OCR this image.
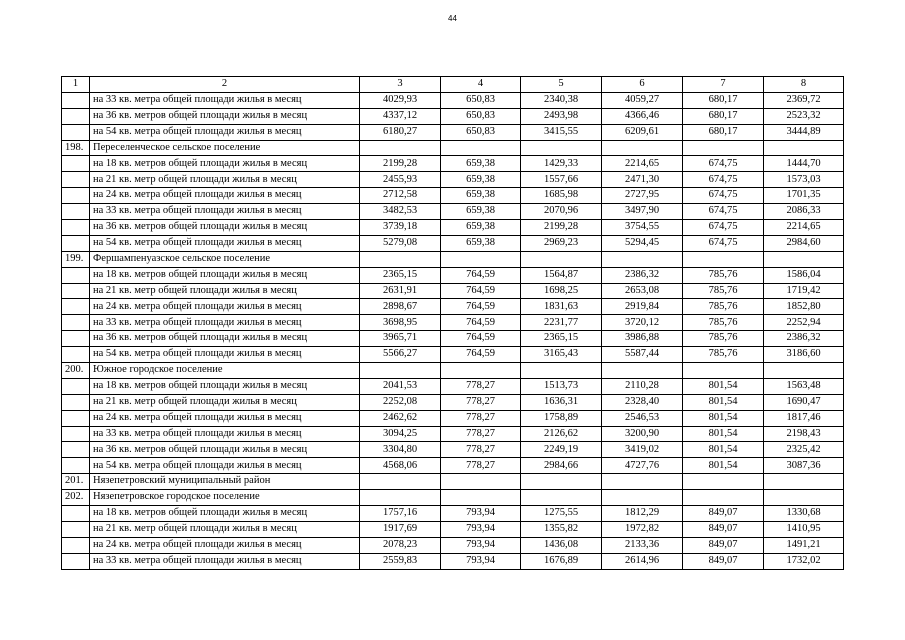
44
1	2	3	4	5	6	7	8
	на 33 кв. метра общей площади жилья в месяц	4029,93	650,83	2340,38	4059,27	680,17	2369,72
	на 36 кв. метров общей площади жилья в месяц	4337,12	650,83	2493,98	4366,46	680,17	2523,32
	на 54 кв. метра общей площади жилья в месяц	6180,27	650,83	3415,55	6209,61	680,17	3444,89
198.	Переселенческое сельское поселение						
	на 18 кв. метров общей площади жилья в месяц	2199,28	659,38	1429,33	2214,65	674,75	1444,70
	на 21 кв. метр общей площади жилья в месяц	2455,93	659,38	1557,66	2471,30	674,75	1573,03
	на 24 кв. метра общей площади жилья в месяц	2712,58	659,38	1685,98	2727,95	674,75	1701,35
	на 33 кв. метра общей площади жилья в месяц	3482,53	659,38	2070,96	3497,90	674,75	2086,33
	на 36 кв. метров общей площади жилья в месяц	3739,18	659,38	2199,28	3754,55	674,75	2214,65
	на 54 кв. метра общей площади жилья в месяц	5279,08	659,38	2969,23	5294,45	674,75	2984,60
199.	Фершампенуазское сельское поселение						
	на 18 кв. метров общей площади жилья в месяц	2365,15	764,59	1564,87	2386,32	785,76	1586,04
	на 21 кв. метр общей площади жилья в месяц	2631,91	764,59	1698,25	2653,08	785,76	1719,42
	на 24 кв. метра общей площади жилья в месяц	2898,67	764,59	1831,63	2919,84	785,76	1852,80
	на 33 кв. метра общей площади жилья в месяц	3698,95	764,59	2231,77	3720,12	785,76	2252,94
	на 36 кв. метров общей площади жилья в месяц	3965,71	764,59	2365,15	3986,88	785,76	2386,32
	на 54 кв. метра общей площади жилья в месяц	5566,27	764,59	3165,43	5587,44	785,76	3186,60
200.	Южное городское поселение						
	на 18 кв. метров общей площади жилья в месяц	2041,53	778,27	1513,73	2110,28	801,54	1563,48
	на 21 кв. метр общей площади жилья в месяц	2252,08	778,27	1636,31	2328,40	801,54	1690,47
	на 24 кв. метра общей площади жилья в месяц	2462,62	778,27	1758,89	2546,53	801,54	1817,46
	на 33 кв. метра общей площади жилья в месяц	3094,25	778,27	2126,62	3200,90	801,54	2198,43
	на 36 кв. метров общей площади жилья в месяц	3304,80	778,27	2249,19	3419,02	801,54	2325,42
	на 54 кв. метра общей площади жилья в месяц	4568,06	778,27	2984,66	4727,76	801,54	3087,36
201.	Нязепетровский муниципальный район						
202.	Нязепетровское городское поселение						
	на 18 кв. метров общей площади жилья в месяц	1757,16	793,94	1275,55	1812,29	849,07	1330,68
	на 21 кв. метр общей площади жилья в месяц	1917,69	793,94	1355,82	1972,82	849,07	1410,95
	на 24 кв. метра общей площади жилья в месяц	2078,23	793,94	1436,08	2133,36	849,07	1491,21
	на 33 кв. метра общей площади жилья в месяц	2559,83	793,94	1676,89	2614,96	849,07	1732,02
